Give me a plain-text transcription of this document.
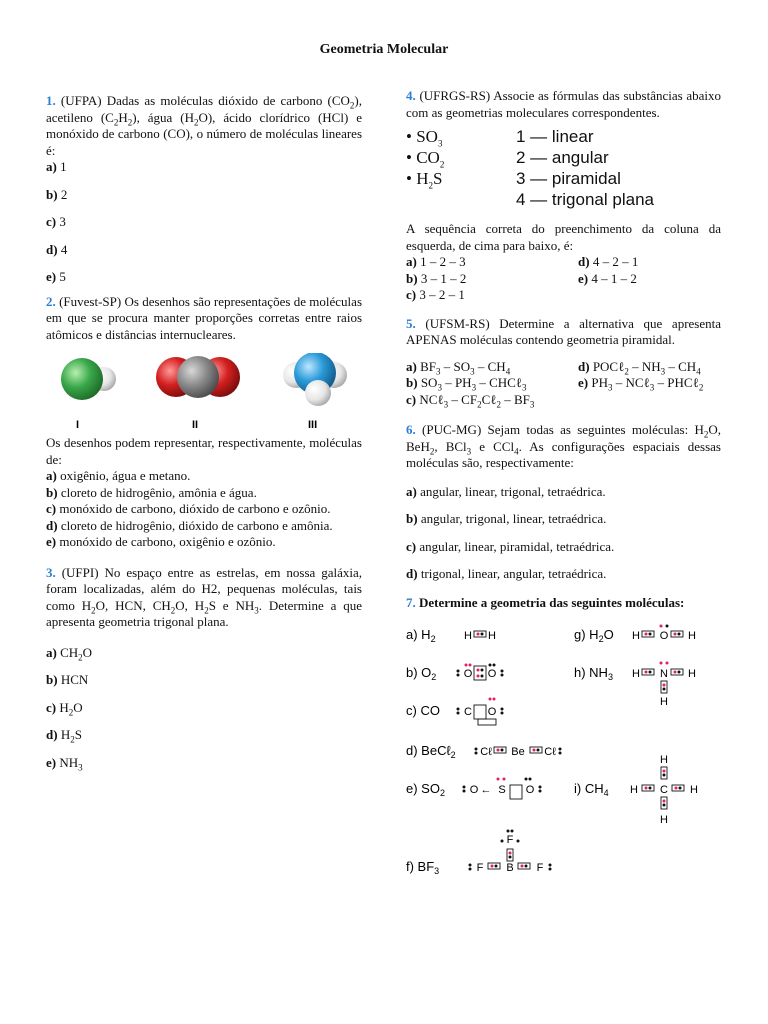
Geometria Molecular
1. (UFPA) Dadas as moléculas dióxido de carbono $(CO_2)$, acetileno $(C_2H_2)$, água $(H_2O)$, ácido clorídrico (HCl) e monóxido de carbono (CO), o número de moléculas lineares é:
a) 1
b) 2
c) 3
d) 4
e) 5
2. (Fuvest-SP) Os desenhos são representações de moléculas em que se procura manter proporções corretas entre raios atômicos e distâncias internucleares.
I	II	III
Os desenhos podem representar, respectivamente, moléculas de:
a) oxigênio, água e metano.
b) cloreto de hidrogênio, amônia e água.
c) monóxido de carbono, dióxido de carbono e ozônio.
d) cloreto de hidrogênio, dióxido de carbono e amônia.
e) monóxido de carbono, oxigênio e ozônio.
3. (UFPI) No espaço entre as estrelas, em nossa galáxia, foram localizadas, além do H2, pequenas moléculas, tais como $H_2O$, HCN, $CH_2O$, $H_2S$ e $NH_3$. Determine a que apresenta geometria trigonal plana.
a) $CH_2O$
b) HCN
c) $H_2O$
d) $H_2S$
e) $NH_3$
4. (UFRGS-RS) Associe as fórmulas das substâncias abaixo com as geometrias moleculares correspondentes.
• $SO_3$
• $CO_2$
• $H_2S$
1 — linear
2 — angular
3 — piramidal
4 — trigonal plana
A sequência correta do preenchimento da coluna da esquerda, de cima para baixo, é:
a) 1 – 2 – 3	d) 4 – 2 – 1
b) 3 – 1 – 2	e) 4 – 1 – 2
c) 3 – 2 – 1
5. (UFSM-RS) Determine a alternativa que apresenta APENAS moléculas contendo geometria piramidal.
a) $BF_3 - SO_3 - CH_4$	d) POCℓ$_2$ – $NH_3 - CH_4$
b) $SO_3 - PH_3$ – CHCℓ$_3$	e) $PH_3$ – NCℓ$_3$ – PHCℓ$_2$
c) NCℓ$_3$ – $CF_2C\ell_2 - BF_3$
6. (PUC-MG) Sejam todas as seguintes moléculas: $H_2O$, BeH$_2$, BCl$_3$ e CCl$_4$. As configurações espaciais dessas moléculas são, respectivamente:
a) angular, linear, trigonal, tetraédrica.
b) angular, trigonal, linear, tetraédrica.
c) angular, linear, piramidal, tetraédrica.
d) trigonal, linear, angular, tetraédrica.
7. Determine a geometria das seguintes moléculas:
a) $H_2$	g) $H_2O$
b) $O_2$	h) $NH_3$
c) CO
d) BeCℓ$_2$
e) $SO_2$	i) $CH_4$
f) $BF_3$
H H	H O H
O O	H N H
H
C O
Cℓ Be Cℓ
O ← S O	H C H
H
H
F B F
F
